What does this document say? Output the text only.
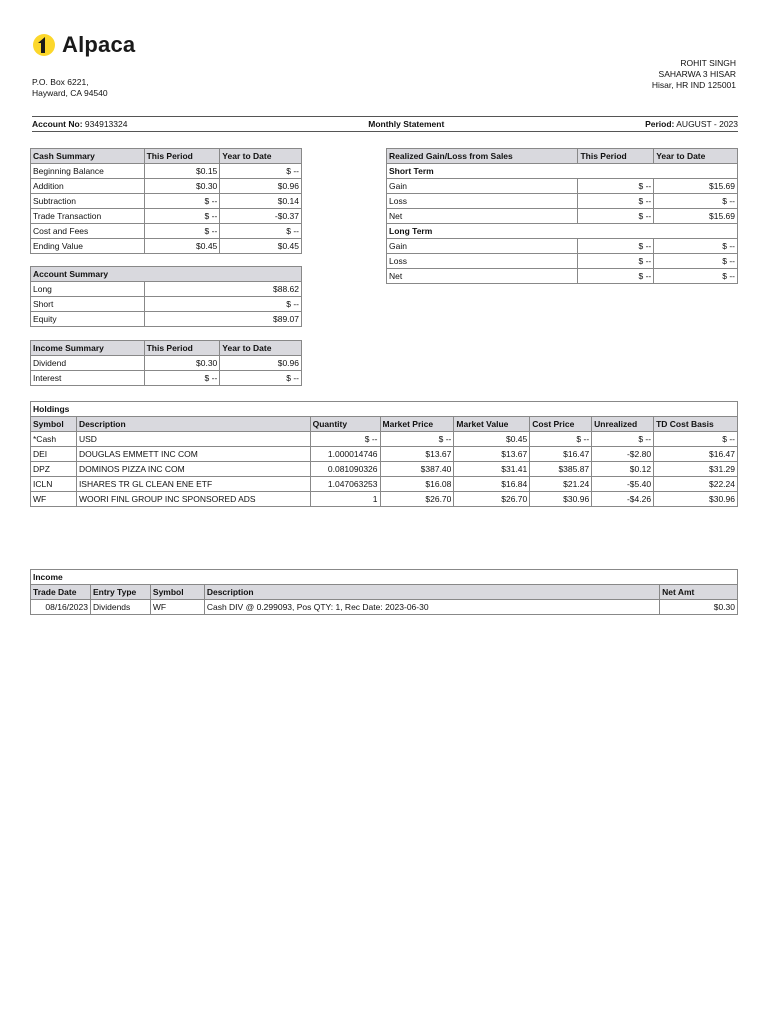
Alpaca
P.O. Box 6221,
Hayward, CA 94540
ROHIT SINGH
SAHARWA 3 HISAR
Hisar, HR IND 125001
Account No: 934913324	Monthly Statement	Period: AUGUST - 2023
Cash Summary	This Period	Year to Date
Beginning Balance	$0.15	$ --
Addition	$0.30	$0.96
Subtraction	$ --	$0.14
Trade Transaction	$ --	-$0.37
Cost and Fees	$ --	$ --
Ending Value	$0.45	$0.45
Account Summary	
Long	$88.62
Short	$ --
Equity	$89.07
Income Summary	This Period	Year to Date
Dividend	$0.30	$0.96
Interest	$ --	$ --
Realized Gain/Loss from Sales	This Period	Year to Date
Short Term		
Gain	$ --	$15.69
Loss	$ --	$ --
Net	$ --	$15.69
Long Term		
Gain	$ --	$ --
Loss	$ --	$ --
Net	$ --	$ --
Holdings							
Symbol	Description	Quantity	Market Price	Market Value	Cost Price	Unrealized	TD Cost Basis
*Cash	USD	$ --	$ --	$0.45	$ --	$ --	$ --
DEI	DOUGLAS EMMETT INC COM	1.000014746	$13.67	$13.67	$16.47	-$2.80	$16.47
DPZ	DOMINOS PIZZA INC COM	0.081090326	$387.40	$31.41	$385.87	$0.12	$31.29
ICLN	ISHARES TR GL CLEAN ENE ETF	1.047063253	$16.08	$16.84	$21.24	-$5.40	$22.24
WF	WOORI FINL GROUP INC SPONSORED ADS	1	$26.70	$26.70	$30.96	-$4.26	$30.96
Income				
Trade Date	Entry Type	Symbol	Description	Net Amt
08/16/2023	Dividends	WF	Cash DIV @ 0.299093, Pos QTY: 1, Rec Date: 2023-06-30	$0.30
